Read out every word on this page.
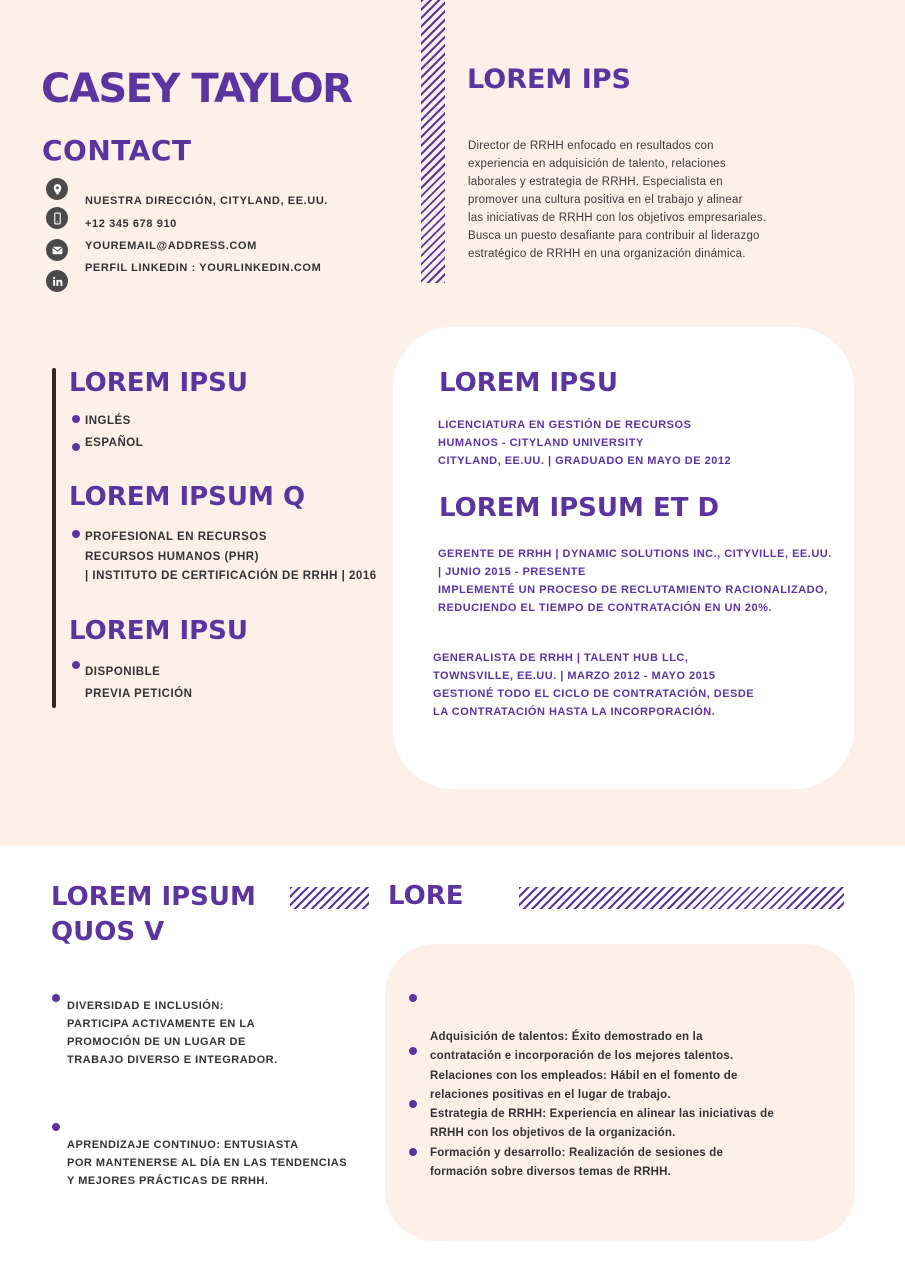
CASEY TAYLOR
CONTACT
NUESTRA DIRECCIÓN, CITYLAND, EE.UU.
+12 345 678 910
YOUREMAIL@ADDRESS.COM
PERFIL LINKEDIN : YOURLINKEDIN.COM
LOREM IPS
Director de RRHH enfocado en resultados con
experiencia en adquisición de talento, relaciones
laborales y estrategia de RRHH. Especialista en
promover una cultura positiva en el trabajo y alinear
las iniciativas de RRHH con los objetivos empresariales.
Busca un puesto desafiante para contribuir al liderazgo
estratégico de RRHH en una organización dinámica.
LOREM IPSU
INGLÉS
ESPAÑOL
LOREM IPSUM Q
PROFESIONAL EN RECURSOS
RECURSOS HUMANOS (PHR)
| INSTITUTO DE CERTIFICACIÓN DE RRHH | 2016
LOREM IPSU
DISPONIBLE
PREVIA PETICIÓN
LOREM IPSU
LICENCIATURA EN GESTIÓN DE RECURSOS
HUMANOS - CITYLAND UNIVERSITY
CITYLAND, EE.UU. | GRADUADO EN MAYO DE 2012
LOREM IPSUM ET D
GERENTE DE RRHH | DYNAMIC SOLUTIONS INC., CITYVILLE, EE.UU.
| JUNIO 2015 - PRESENTE
IMPLEMENTÉ UN PROCESO DE RECLUTAMIENTO RACIONALIZADO,
REDUCIENDO EL TIEMPO DE CONTRATACIÓN EN UN 20%.
GENERALISTA DE RRHH | TALENT HUB LLC,
TOWNSVILLE, EE.UU. | MARZO 2012 - MAYO 2015
GESTIONÉ TODO EL CICLO DE CONTRATACIÓN, DESDE
LA CONTRATACIÓN HASTA LA INCORPORACIÓN.
LOREM IPSUM
QUOS V
LORE
DIVERSIDAD E INCLUSIÓN:
PARTICIPA ACTIVAMENTE EN LA
PROMOCIÓN DE UN LUGAR DE
TRABAJO DIVERSO E INTEGRADOR.
APRENDIZAJE CONTINUO: ENTUSIASTA
POR MANTENERSE AL DÍA EN LAS TENDENCIAS
Y MEJORES PRÁCTICAS DE RRHH.
Adquisición de talentos: Éxito demostrado en la
contratación e incorporación de los mejores talentos.
Relaciones con los empleados: Hábil en el fomento de
relaciones positivas en el lugar de trabajo.
Estrategia de RRHH: Experiencia en alinear las iniciativas de
RRHH con los objetivos de la organización.
Formación y desarrollo: Realización de sesiones de
formación sobre diversos temas de RRHH.
